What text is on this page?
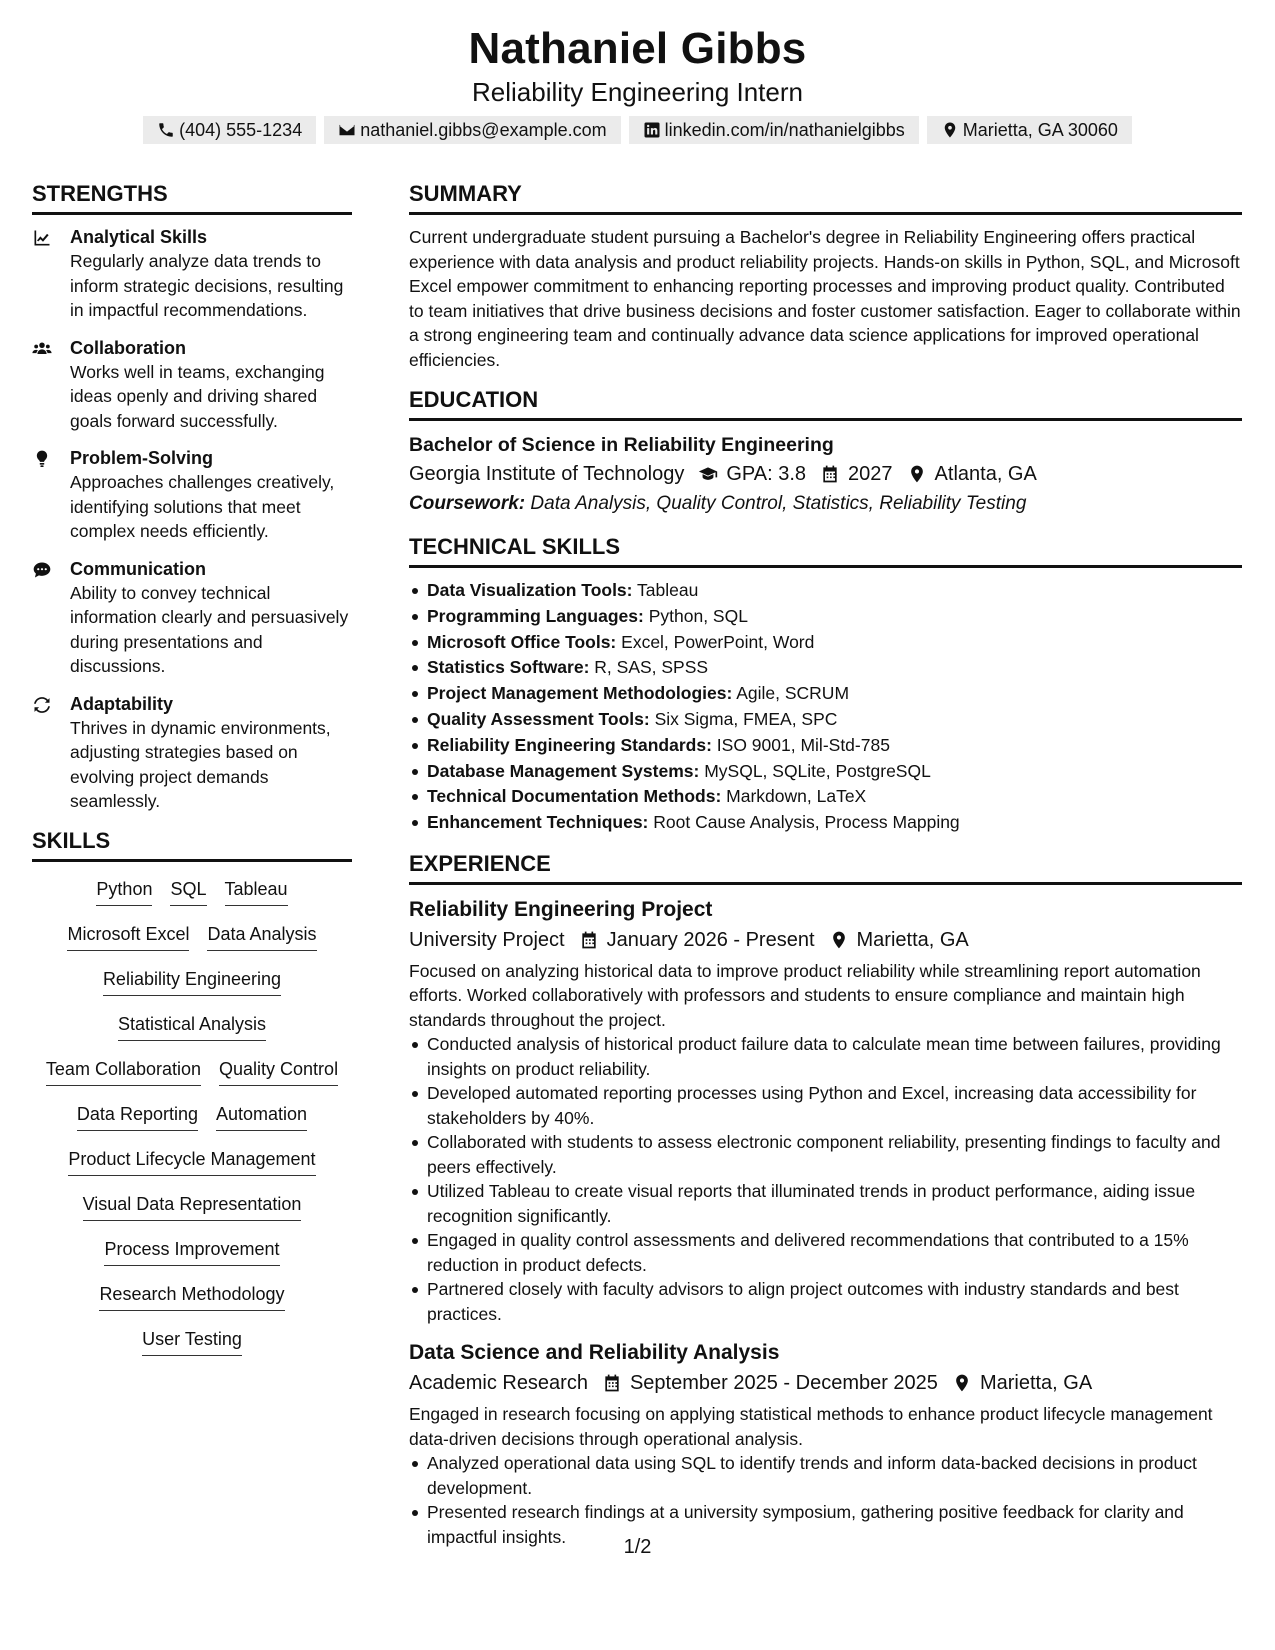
Nathaniel Gibbs
Reliability Engineering Intern
(404) 555-1234	nathaniel.gibbs@example.com	linkedin.com/in/nathanielgibbs	Marietta, GA 30060
STRENGTHS
Analytical Skills
Regularly analyze data trends to inform strategic decisions, resulting in impactful recommendations.
Collaboration
Works well in teams, exchanging ideas openly and driving shared goals forward successfully.
Problem-Solving
Approaches challenges creatively, identifying solutions that meet complex needs efficiently.
Communication
Ability to convey technical information clearly and persuasively during presentations and discussions.
Adaptability
Thrives in dynamic environments, adjusting strategies based on evolving project demands seamlessly.
SKILLS
Python SQL Tableau
Microsoft Excel Data Analysis
Reliability Engineering
Statistical Analysis
Team Collaboration Quality Control
Data Reporting Automation
Product Lifecycle Management
Visual Data Representation
Process Improvement
Research Methodology
User Testing
SUMMARY
Current undergraduate student pursuing a Bachelor's degree in Reliability Engineering offers practical experience with data analysis and product reliability projects. Hands-on skills in Python, SQL, and Microsoft Excel empower commitment to enhancing reporting processes and improving product quality. Contributed to team initiatives that drive business decisions and foster customer satisfaction. Eager to collaborate within a strong engineering team and continually advance data science applications for improved operational efficiencies.
EDUCATION
Bachelor of Science in Reliability Engineering
Georgia Institute of Technology GPA: 3.8 2027 Atlanta, GA
Coursework: Data Analysis, Quality Control, Statistics, Reliability Testing
TECHNICAL SKILLS
Data Visualization Tools: Tableau
Programming Languages: Python, SQL
Microsoft Office Tools: Excel, PowerPoint, Word
Statistics Software: R, SAS, SPSS
Project Management Methodologies: Agile, SCRUM
Quality Assessment Tools: Six Sigma, FMEA, SPC
Reliability Engineering Standards: ISO 9001, Mil-Std-785
Database Management Systems: MySQL, SQLite, PostgreSQL
Technical Documentation Methods: Markdown, LaTeX
Enhancement Techniques: Root Cause Analysis, Process Mapping
EXPERIENCE
Reliability Engineering Project
University Project January 2026 - Present Marietta, GA
Focused on analyzing historical data to improve product reliability while streamlining report automation efforts. Worked collaboratively with professors and students to ensure compliance and maintain high standards throughout the project.
Conducted analysis of historical product failure data to calculate mean time between failures, providing insights on product reliability.
Developed automated reporting processes using Python and Excel, increasing data accessibility for stakeholders by 40%.
Collaborated with students to assess electronic component reliability, presenting findings to faculty and peers effectively.
Utilized Tableau to create visual reports that illuminated trends in product performance, aiding issue recognition significantly.
Engaged in quality control assessments and delivered recommendations that contributed to a 15% reduction in product defects.
Partnered closely with faculty advisors to align project outcomes with industry standards and best practices.
Data Science and Reliability Analysis
Academic Research September 2025 - December 2025 Marietta, GA
Engaged in research focusing on applying statistical methods to enhance product lifecycle management data-driven decisions through operational analysis.
Analyzed operational data using SQL to identify trends and inform data-backed decisions in product development.
Presented research findings at a university symposium, gathering positive feedback for clarity and impactful insights.	1/2
